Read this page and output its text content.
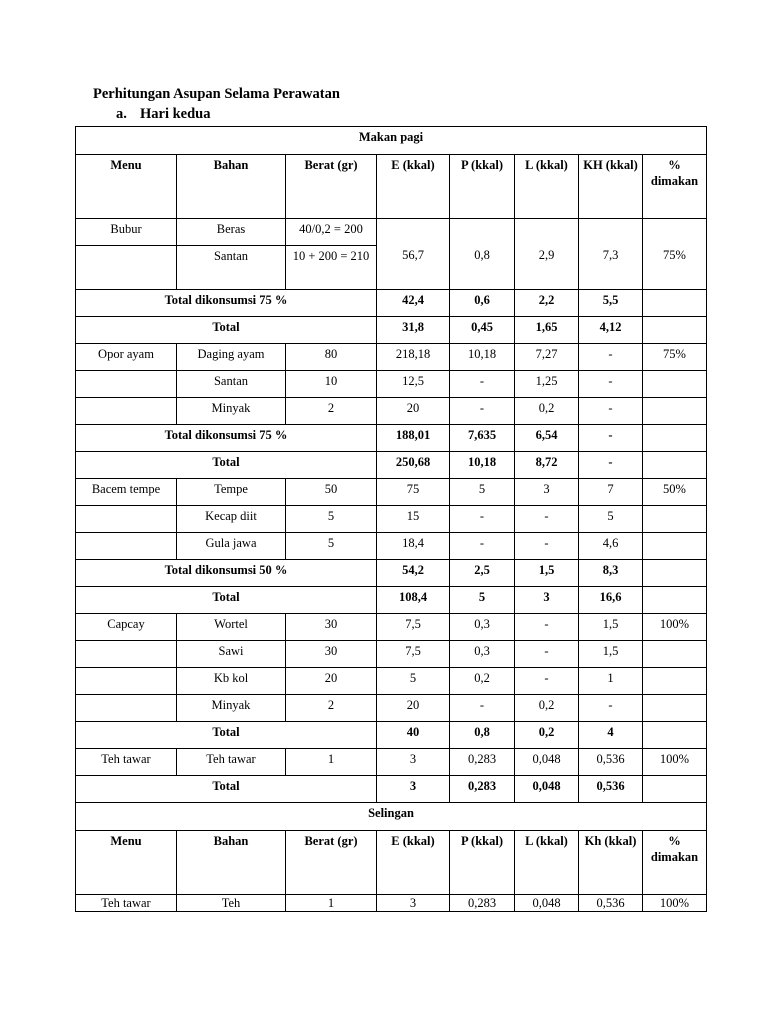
Perhitungan Asupan Selama Perawatan
a. Hari kedua
Makan pagi							
Menu	Bahan	Berat (gr)	E (kkal)	P (kkal)	L (kkal)	KH (kkal)	% dimakan
Bubur	Beras	40/0,2 = 200	56,7	0,8	2,9	7,3	75%
	Santan	10 + 200 = 210					
Total dikonsumsi 75 %			42,4	0,6	2,2	5,5	
Total			31,8	0,45	1,65	4,12	
Opor ayam	Daging ayam	80	218,18	10,18	7,27	-	75%
	Santan	10	12,5	-	1,25	-	
	Minyak	2	20	-	0,2	-	
Total dikonsumsi 75 %			188,01	7,635	6,54	-	
Total			250,68	10,18	8,72	-	
Bacem tempe	Tempe	50	75	5	3	7	50%
	Kecap diit	5	15	-	-	5	
	Gula jawa	5	18,4	-	-	4,6	
Total dikonsumsi 50 %			54,2	2,5	1,5	8,3	
Total			108,4	5	3	16,6	
Capcay	Wortel	30	7,5	0,3	-	1,5	100%
	Sawi	30	7,5	0,3	-	1,5	
	Kb kol	20	5	0,2	-	1	
	Minyak	2	20	-	0,2	-	
Total			40	0,8	0,2	4	
Teh tawar	Teh tawar	1	3	0,283	0,048	0,536	100%
Total			3	0,283	0,048	0,536	
Selingan							
Menu	Bahan	Berat (gr)	E (kkal)	P (kkal)	L (kkal)	Kh (kkal)	% dimakan
Teh tawar	Teh	1	3	0,283	0,048	0,536	100%
